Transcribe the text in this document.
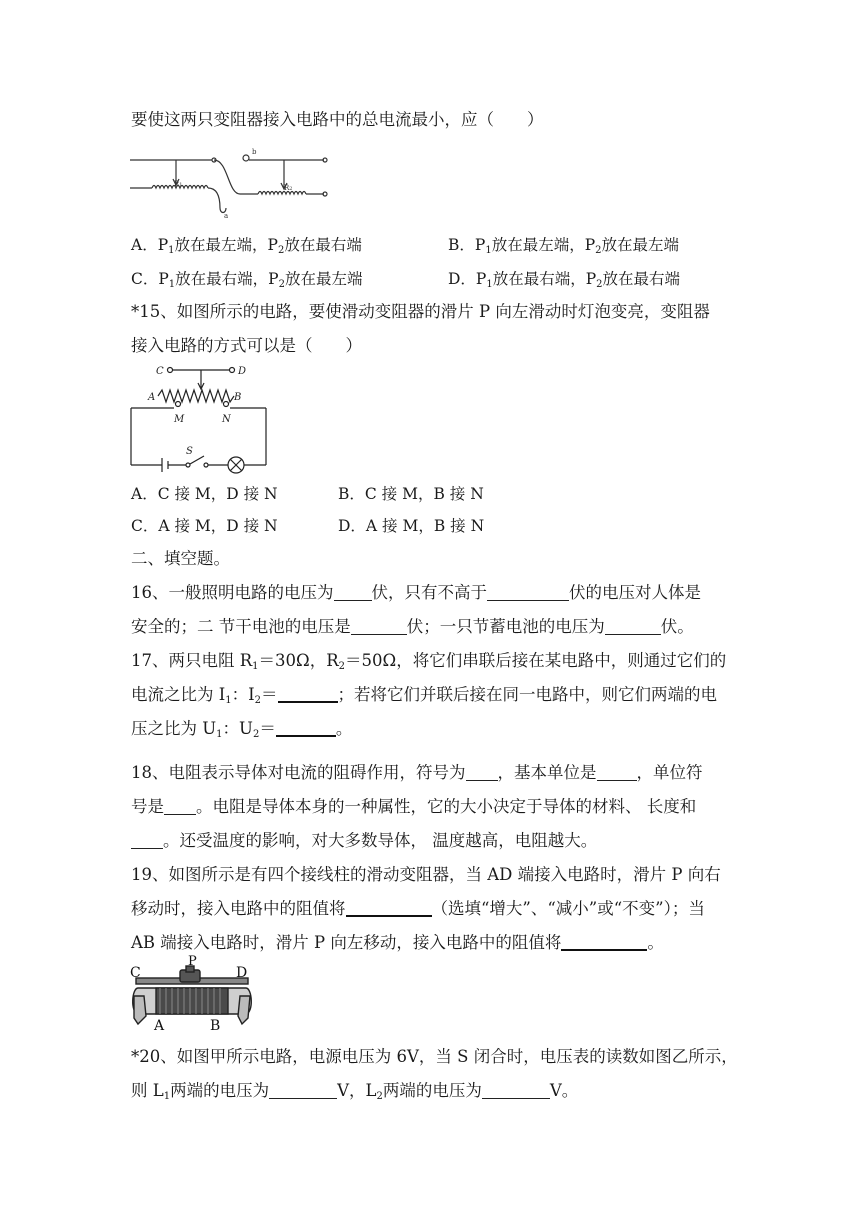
要使这两只变阻器接入电路中的总电流最小，应（　　）
R1	R2
a
b
A．$P_1$放在最左端，$P_2$放在最右端	B．$P_1$放在最左端，$P_2$放在最左端
C．$P_1$放在最右端，$P_2$放在最左端	D．$P_1$放在最右端，$P_2$放在最右端
*15、如图所示的电路，要使滑动变阻器的滑片 P 向左滑动时灯泡变亮，变阻器
接入电路的方式可以是（　　）
C	D
A	B
M	N
S
A．C 接 M，D 接 N	B．C 接 M，B 接 N
C．A 接 M，D 接 N	D．A 接 M，B 接 N
二、填空题。
16、一般照明电路的电压为 伏，只有不高于	伏的电压对人体是
安全的；二 节干电池的电压是	伏；一只节蓄电池的电压为	伏。
17、两只电阻 $R_1=30\Omega$，$R_2=50\Omega$，将它们串联后接在某电路中，则通过它们的
电流之比为 $I_1$：$I_2=$	；若将它们并联后接在同一电路中，则它们两端的电
压之比为 $U_1$：$U_2=$	。
18、电阻表示导体对电流的阻碍作用，符号为 ，基本单位是 ，单位符
号是 。电阻是导体本身的一种属性，它的大小决定于导体的材料、 长度和
。还受温度的影响，对大多数导体， 温度越高，电阻越大。
19、如图所示是有四个接线柱的滑动变阻器，当 AD 端接入电路时，滑片 P 向右
移动时，接入电路中的阻值将	（选填“增大”、“减小”或“不变”）；当
AB 端接入电路时，滑片 P 向左移动，接入电路中的阻值将	。
C
P
D
A	B
*20、如图甲所示电路，电源电压为 6V，当 S 闭合时，电压表的读数如图乙所示，
则 $L_1$两端的电压为	V，$L_2$两端的电压为	V。
